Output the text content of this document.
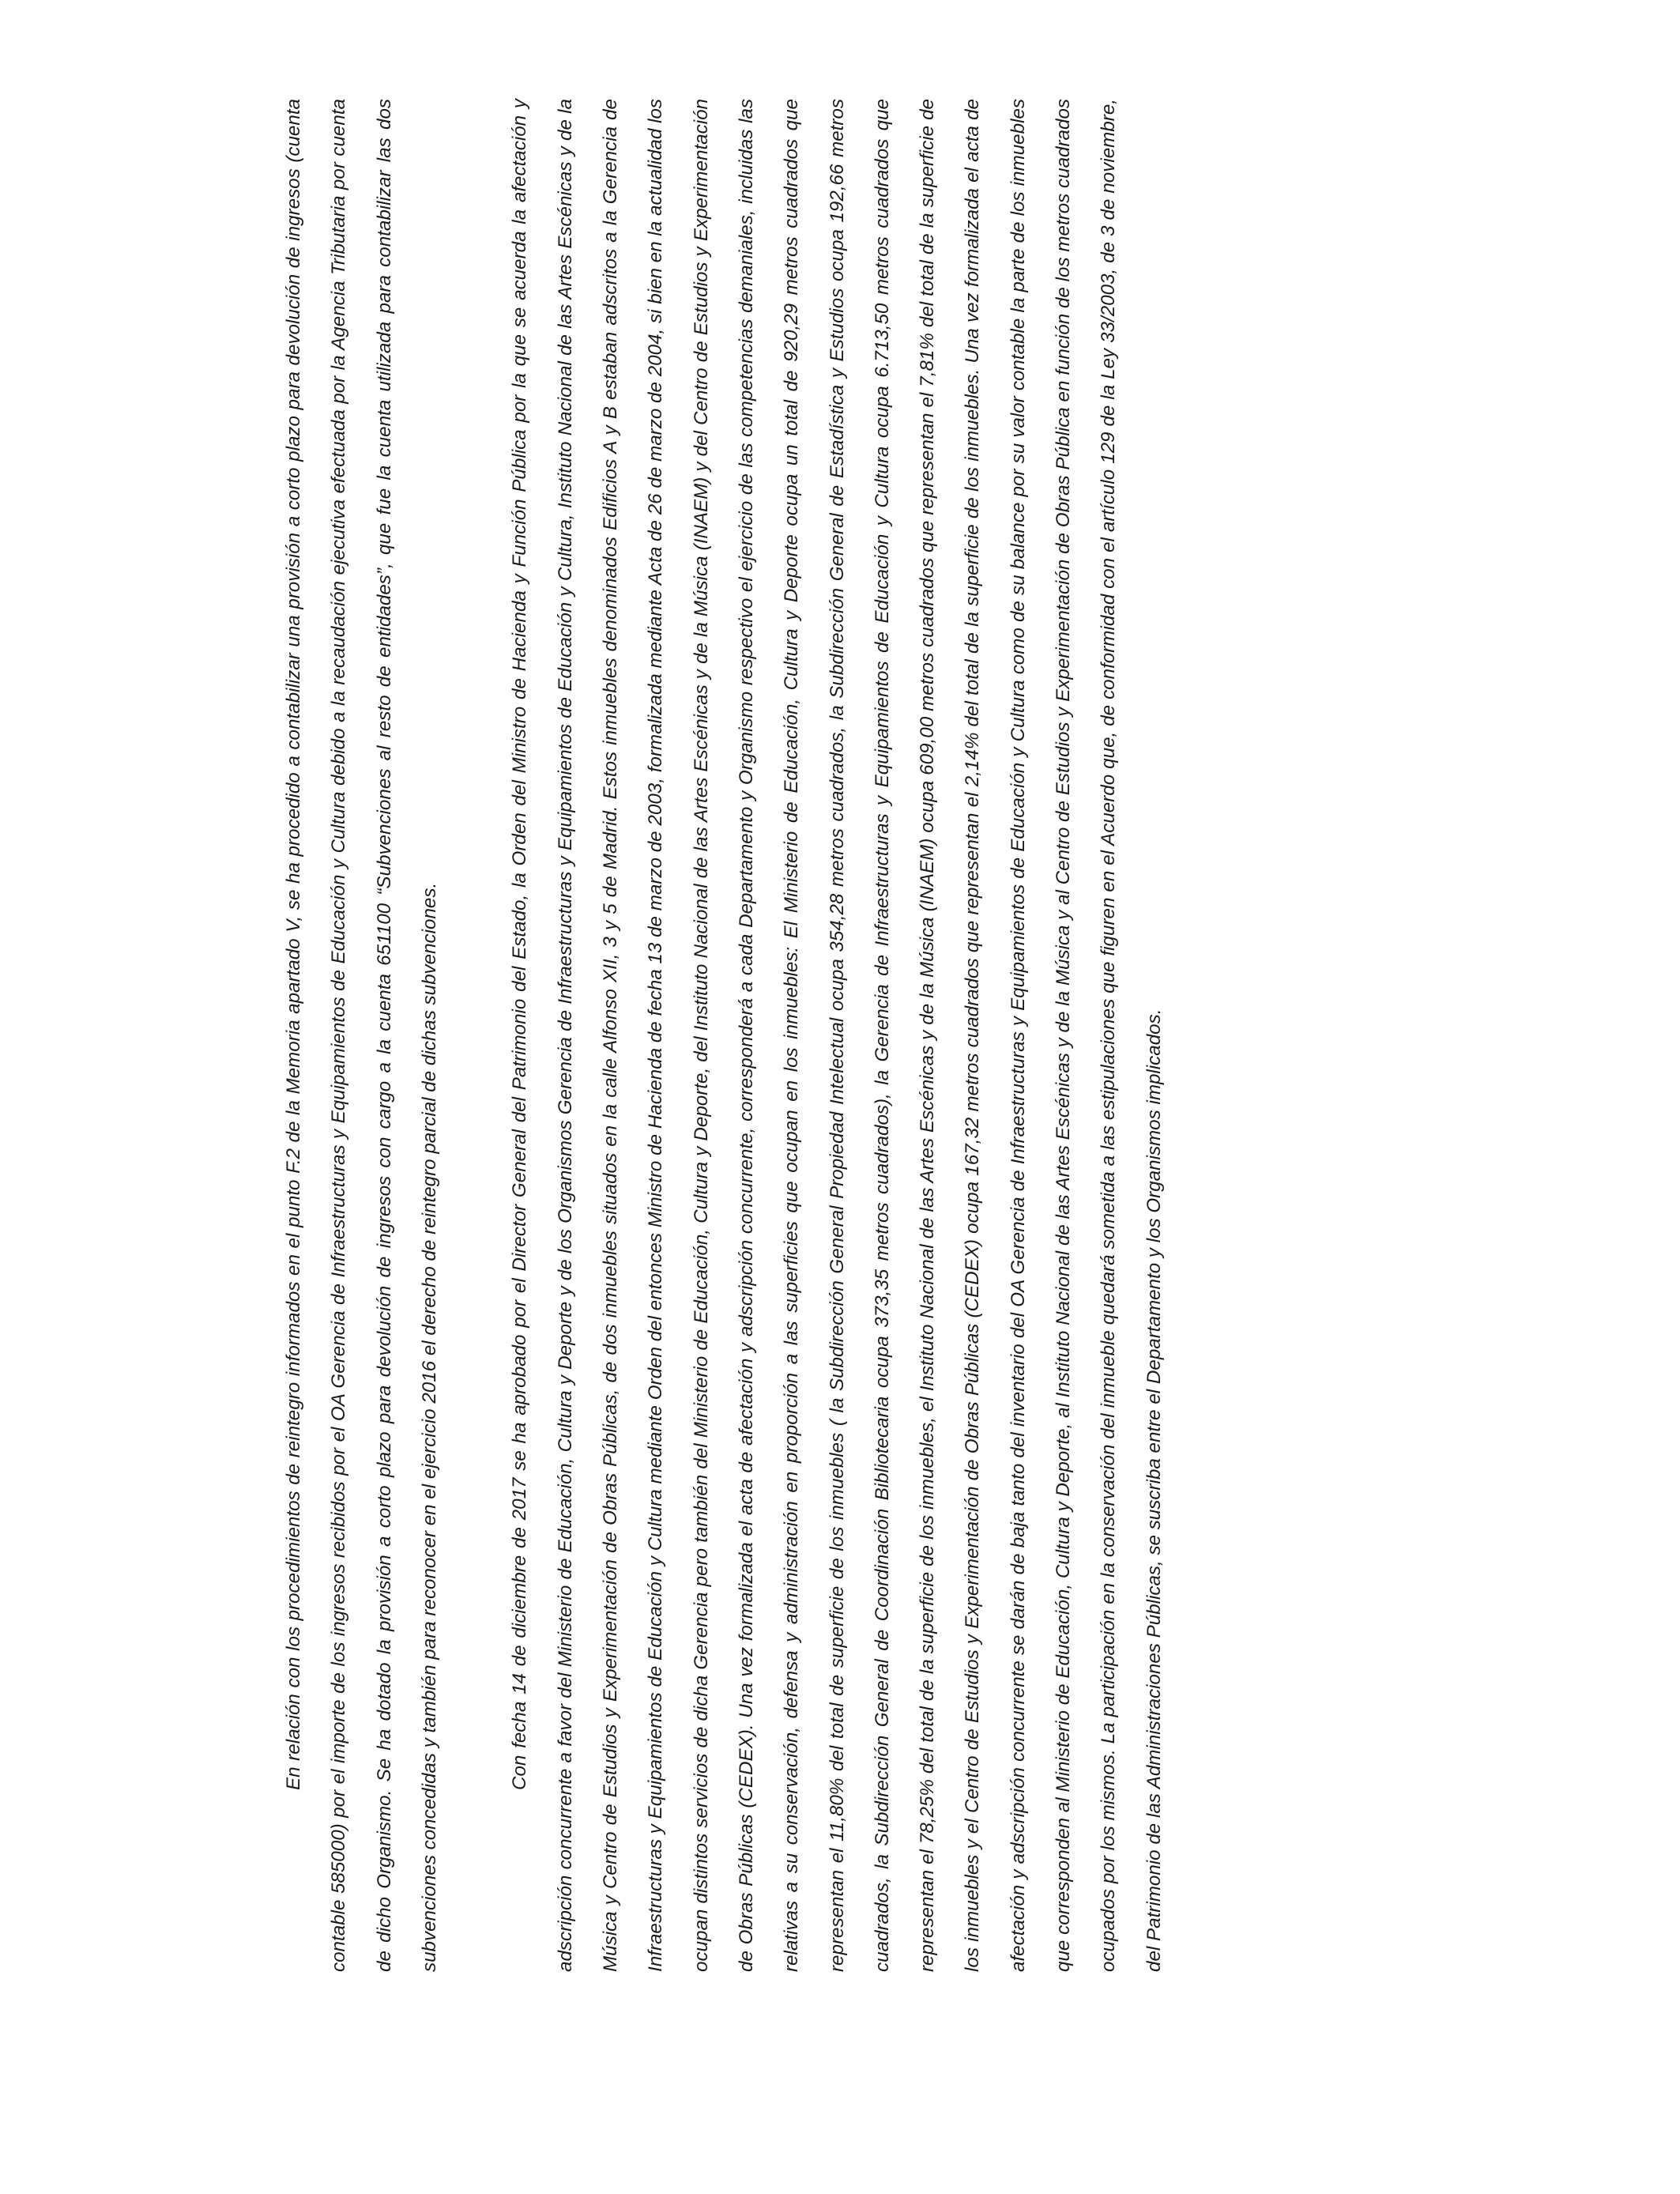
En relación con los procedimientos de reintegro informados en el punto F.2 de la Memoria apartado V, se ha procedido a contabilizar una provisión a corto plazo para devolución de ingresos (cuenta contable 585000) por el importe de los ingresos recibidos por el OA Gerencia de Infraestructuras y Equipamientos de Educación y Cultura debido a la recaudación ejecutiva efectuada por la Agencia Tributaria por cuenta de dicho Organismo. Se ha dotado la provisión a corto plazo para devolución de ingresos con cargo a la cuenta 651100 “Subvenciones al resto de entidades”, que fue la cuenta utilizada para contabilizar las dos subvenciones concedidas y también para reconocer en el ejercicio 2016 el derecho de reintegro parcial de dichas subvenciones.	Con fecha 14 de diciembre de 2017 se ha aprobado por el Director General del Patrimonio del Estado, la Orden del Ministro de Hacienda y Función Pública por la que se acuerda la afectación y adscripción concurrente a favor del Ministerio de Educación, Cultura y Deporte y de los Organismos Gerencia de Infraestructuras y Equipamientos de Educación y Cultura, Instituto Nacional de las Artes Escénicas y de la Música y Centro de Estudios y Experimentación de Obras Públicas, de dos inmuebles situados en la calle Alfonso XII, 3 y 5 de Madrid. Estos inmuebles denominados Edificios A y B estaban adscritos a la Gerencia de Infraestructuras y Equipamientos de Educación y Cultura mediante Orden del entonces Ministro de Hacienda de fecha 13 de marzo de 2003, formalizada mediante Acta de 26 de marzo de 2004, si bien en la actualidad los ocupan distintos servicios de dicha Gerencia pero también del Ministerio de Educación, Cultura y Deporte, del Instituto Nacional de las Artes Escénicas y de la Música (INAEM) y del Centro de Estudios y Experimentación de Obras Públicas (CEDEX). Una vez formalizada el acta de afectación y adscripción concurrente, corresponderá a cada Departamento y Organismo respectivo el ejercicio de las competencias demaniales, incluidas las relativas a su conservación, defensa y administración en proporción a las superficies que ocupan en los inmuebles: El Ministerio de Educación, Cultura y Deporte ocupa un total de 920,29 metros cuadrados que representan el 11,80% del total de superficie de los inmuebles ( la Subdirección General Propiedad Intelectual ocupa 354,28 metros cuadrados, la Subdirección General de Estadística y Estudios ocupa 192,66 metros cuadrados, la Subdirección General de Coordinación Bibliotecaria ocupa 373,35 metros cuadrados), la Gerencia de Infraestructuras y Equipamientos de Educación y Cultura ocupa 6.713,50 metros cuadrados que representan el 78,25% del total de la superficie de los inmuebles, el Instituto Nacional de las Artes Escénicas y de la Música (INAEM) ocupa 609,00 metros cuadrados que representan el 7,81% del total de la superficie de los inmuebles y el Centro de Estudios y Experimentación de Obras Públicas (CEDEX) ocupa 167,32 metros cuadrados que representan el 2,14% del total de la superficie de los inmuebles. Una vez formalizada el acta de afectación y adscripción concurrente se darán de baja tanto del inventario del OA Gerencia de Infraestructuras y Equipamientos de Educación y Cultura como de su balance por su valor contable la parte de los inmuebles que corresponden al Ministerio de Educación, Cultura y Deporte, al Instituto Nacional de las Artes Escénicas y de la Música y al Centro de Estudios y Experimentación de Obras Pública en función de los metros cuadrados ocupados por los mismos. La participación en la conservación del inmueble quedará sometida a las estipulaciones que figuren en el Acuerdo que, de conformidad con el artículo 129 de la Ley 33/2003, de 3 de noviembre, del Patrimonio de las Administraciones Públicas, se suscriba entre el Departamento y los Organismos implicados.
